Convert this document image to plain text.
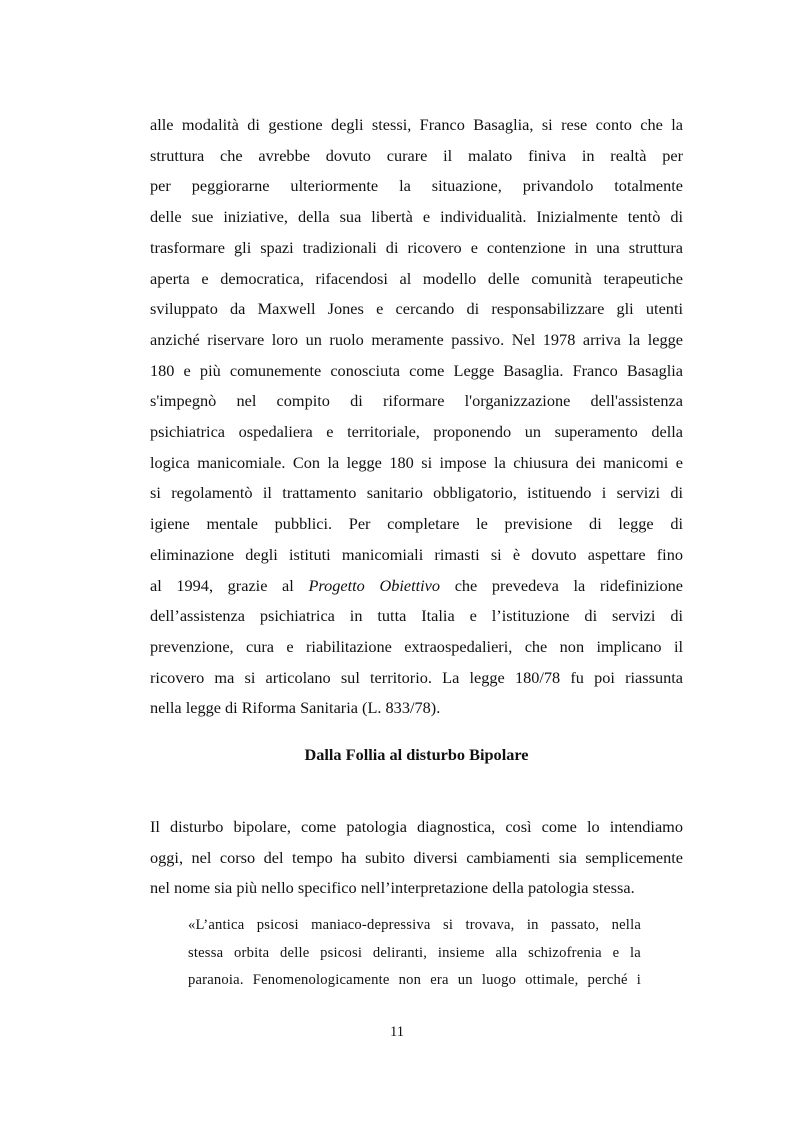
alle modalità di gestione degli stessi, Franco Basaglia, si rese conto che la
struttura che avrebbe dovuto curare il malato finiva in realtà per
per peggiorarne ulteriormente la situazione, privandolo totalmente
delle sue iniziative, della sua libertà e individualità. Inizialmente tentò di
trasformare gli spazi tradizionali di ricovero e contenzione in una struttura
aperta e democratica, rifacendosi al modello delle comunità terapeutiche
sviluppato da Maxwell Jones e cercando di responsabilizzare gli utenti
anziché riservare loro un ruolo meramente passivo. Nel 1978 arriva la legge
180 e più comunemente conosciuta come Legge Basaglia. Franco Basaglia
s'impegnò nel compito di riformare l'organizzazione dell'assistenza
psichiatrica ospedaliera e territoriale, proponendo un superamento della
logica manicomiale. Con la legge 180 si impose la chiusura dei manicomi e
si regolamentò il trattamento sanitario obbligatorio, istituendo i servizi di
igiene mentale pubblici. Per completare le previsione di legge di
eliminazione degli istituti manicomiali rimasti si è dovuto aspettare fino
al 1994, grazie al Progetto Obiettivo che prevedeva la ridefinizione
dell’assistenza psichiatrica in tutta Italia e l’istituzione di servizi di
prevenzione, cura e riabilitazione extraospedalieri, che non implicano il
ricovero ma si articolano sul territorio. La legge 180/78 fu poi riassunta
nella legge di Riforma Sanitaria (L. 833/78).
Dalla Follia al disturbo Bipolare
Il disturbo bipolare, come patologia diagnostica, così come lo intendiamo
oggi, nel corso del tempo ha subito diversi cambiamenti sia semplicemente
nel nome sia più nello specifico nell’interpretazione della patologia stessa.
«L’antica psicosi maniaco-depressiva si trovava, in passato, nella
stessa orbita delle psicosi deliranti, insieme alla schizofrenia e la
paranoia. Fenomenologicamente non era un luogo ottimale, perché i
11
